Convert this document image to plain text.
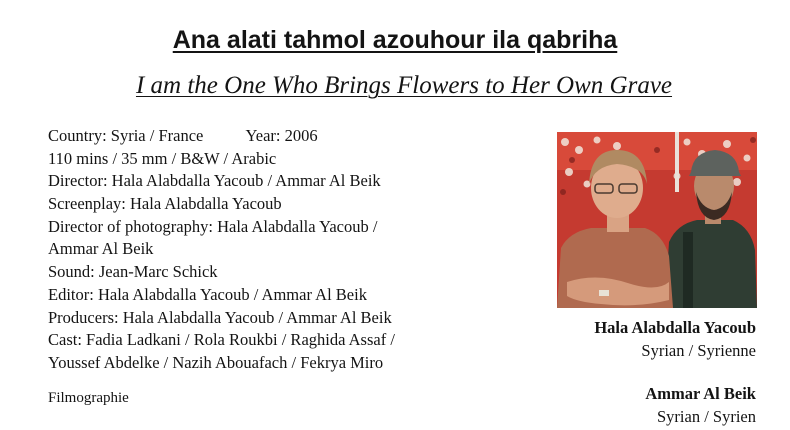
Ana alati tahmol azouhour ila qabriha
I am the One Who Brings Flowers to Her Own Grave
Country: Syria / France	Year: 2006
110 mins / 35 mm / B&W / Arabic
Director: Hala Alabdalla Yacoub / Ammar Al Beik
Screenplay: Hala Alabdalla Yacoub
Director of photography: Hala Alabdalla Yacoub /
Ammar Al Beik
Sound: Jean-Marc Schick
Editor: Hala Alabdalla Yacoub / Ammar Al Beik
Producers: Hala Alabdalla Yacoub / Ammar Al Beik
Cast: Fadia Ladkani / Rola Roukbi / Raghida Assaf /
Youssef Abdelke / Nazih Abouafach / Fekrya Miro
Filmographie
Hala Alabdalla Yacoub
Syrian / Syrienne
Ammar Al Beik
Syrian / Syrien
